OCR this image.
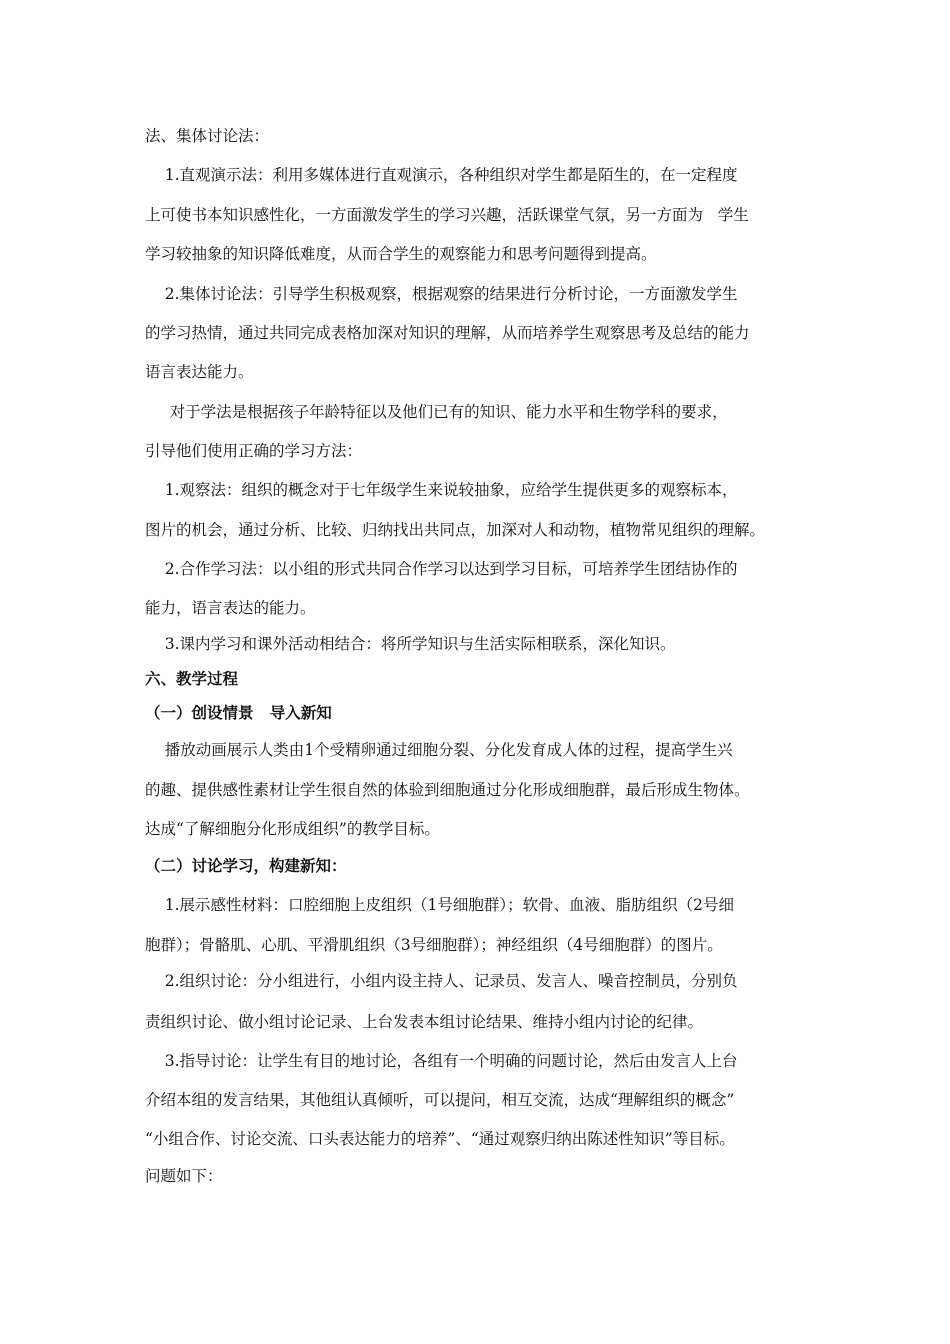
法、集体讨论法：
1.直观演示法：利用多媒体进行直观演示，各种组织对学生都是陌生的，在一定程度
上可使书本知识感性化，一方面激发学生的学习兴趣，活跃课堂气氛，另一方面为   学生
学习较抽象的知识降低难度，从而合学生的观察能力和思考问题得到提高。
2.集体讨论法：引导学生积极观察，根据观察的结果进行分析讨论，一方面激发学生
的学习热情，通过共同完成表格加深对知识的理解，从而培养学生观察思考及总结的能力
语言表达能力。
对于学法是根据孩子年龄特征以及他们已有的知识、能力水平和生物学科的要求，
引导他们使用正确的学习方法：
1.观察法：组织的概念对于七年级学生来说较抽象，应给学生提供更多的观察标本，
图片的机会，通过分析、比较、归纳找出共同点，加深对人和动物，植物常见组织的理解。
2.合作学习法：以小组的形式共同合作学习以达到学习目标，可培养学生团结协作的
能力，语言表达的能力。
3.课内学习和课外活动相结合：将所学知识与生活实际相联系，深化知识。
六、教学过程
（一）创设情景   导入新知
播放动画展示人类由1个受精卵通过细胞分裂、分化发育成人体的过程，提高学生兴
的趣、提供感性素材让学生很自然的体验到细胞通过分化形成细胞群，最后形成生物体。
达成“了解细胞分化形成组织”的教学目标。
（二）讨论学习，构建新知：
1.展示感性材料：口腔细胞上皮组织（1号细胞群）；软骨、血液、脂肪组织（2号细
胞群）；骨骼肌、心肌、平滑肌组织（3号细胞群）；神经组织（4号细胞群）的图片。
2.组织讨论：分小组进行，小组内设主持人、记录员、发言人、噪音控制员，分别负
责组织讨论、做小组讨论记录、上台发表本组讨论结果、维持小组内讨论的纪律。
3.指导讨论：让学生有目的地讨论，各组有一个明确的问题讨论，然后由发言人上台
介绍本组的发言结果，其他组认真倾听，可以提问，相互交流，达成“理解组织的概念”
“小组合作、讨论交流、口头表达能力的培养”、“通过观察归纳出陈述性知识”等目标。
问题如下：
